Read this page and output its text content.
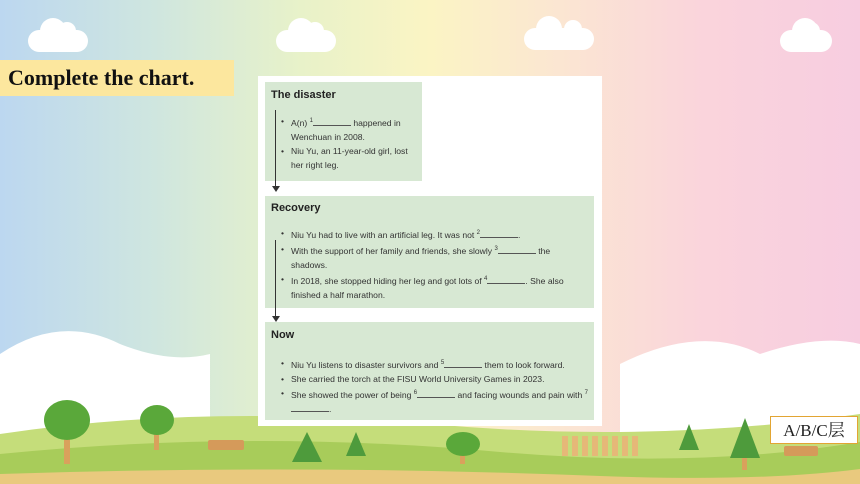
Complete the chart.
The disaster
• A(n) $^1$	happened in Wenchuan in 2008.
• Niu Yu, an 11-year-old girl, lost her right leg.
Recovery
• Niu Yu had to live with an artificial leg. It was not $^2$	.
• With the support of her family and friends, she slowly $^3$	the shadows.
• In 2018, she stopped hiding her leg and got lots of $^4$	. She also finished a half marathon.
Now
• Niu Yu listens to disaster survivors and $^5$	them to look forward.
• She carried the torch at the FISU World University Games in 2023.
• She showed the power of being $^6$	and facing wounds and pain with $^7$.
A/B/C层
